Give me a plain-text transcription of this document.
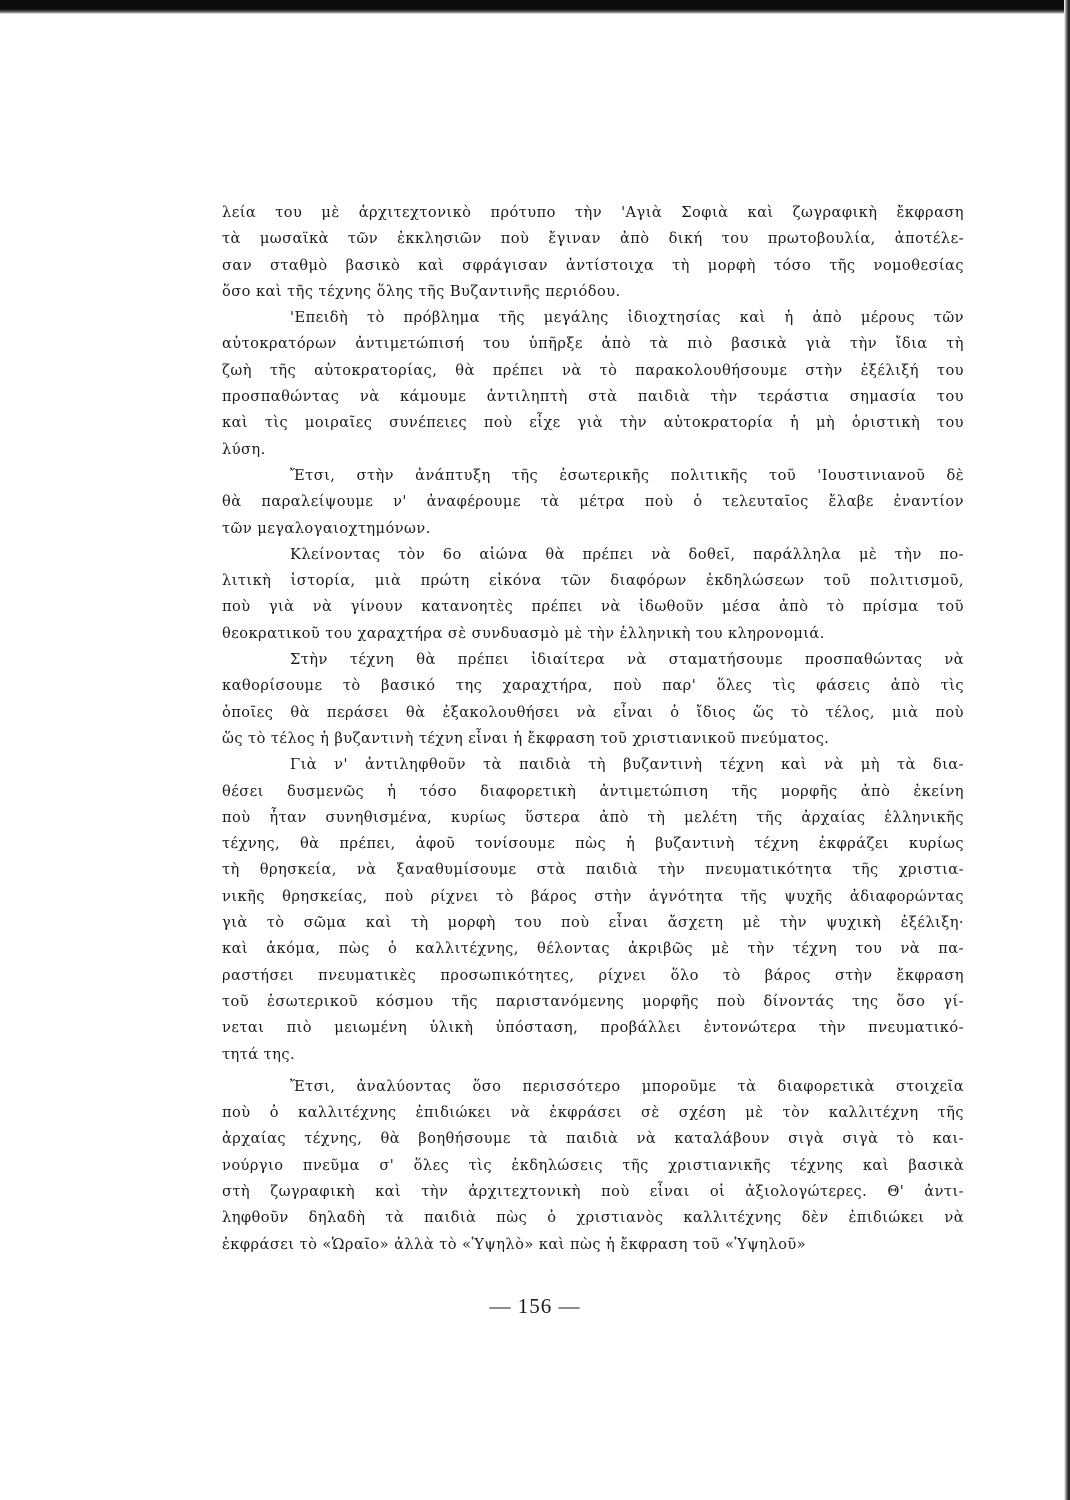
λεία του μὲ ἀρχιτεχτονικὸ πρότυπο τὴν 'Αγιὰ Σοφιὰ καὶ ζωγραφικὴ ἔκφραση
τὰ μωσαϊκὰ τῶν ἐκκλησιῶν ποὺ ἔγιναν ἀπὸ δική του πρωτοβουλία, ἀποτέλε-
σαν σταθμὸ βασικὸ καὶ σφράγισαν ἀντίστοιχα τὴ μορφὴ τόσο τῆς νομοθεσίας
ὅσο καὶ τῆς τέχνης ὅλης τῆς Βυζαντινῆς περιόδου.

'Επειδὴ τὸ πρόβλημα τῆς μεγάλης ἰδιοχτησίας καὶ ἡ ἀπὸ μέρους τῶν
αὐτοκρατόρων ἀντιμετώπισή του ὑπῆρξε ἀπὸ τὰ πιὸ βασικὰ γιὰ τὴν ἴδια τὴ
ζωὴ τῆς αὐτοκρατορίας, θὰ πρέπει νὰ τὸ παρακολουθήσουμε στὴν ἐξέλιξή του
προσπαθώντας νὰ κάμουμε ἀντιληπτὴ στὰ παιδιὰ τὴν τεράστια σημασία του
καὶ τὶς μοιραῖες συνέπειες ποὺ εἶχε γιὰ τὴν αὐτοκρατορία ἡ μὴ ὁριστικὴ του
λύση.

Ἔτσι, στὴν ἀνάπτυξη τῆς ἐσωτερικῆς πολιτικῆς τοῦ 'Ιουστινιανοῦ δὲ
θὰ παραλείψουμε ν' ἀναφέρουμε τὰ μέτρα ποὺ ὁ τελευταῖος ἔλαβε ἐναντίον
τῶν μεγαλογαιοχτημόνων.

Κλείνοντας τὸν 6ο αἰώνα θὰ πρέπει νὰ δοθεῖ, παράλληλα μὲ τὴν πο-
λιτικὴ ἱστορία, μιὰ πρώτη εἰκόνα τῶν διαφόρων ἐκδηλώσεων τοῦ πολιτισμοῦ,
ποὺ γιὰ νὰ γίνουν κατανοητὲς πρέπει νὰ ἰδωθοῦν μέσα ἀπὸ τὸ πρίσμα τοῦ
θεοκρατικοῦ του χαραχτήρα σὲ συνδυασμὸ μὲ τὴν ἑλληνικὴ του κληρονομιά.

Στὴν τέχνη θὰ πρέπει ἰδιαίτερα νὰ σταματήσουμε προσπαθώντας νὰ
καθορίσουμε τὸ βασικό της χαραχτήρα, ποὺ παρ' ὅλες τὶς φάσεις ἀπὸ τὶς
ὁποῖες θὰ περάσει θὰ ἐξακολουθήσει νὰ εἶναι ὁ ἴδιος ὥς τὸ τέλος, μιὰ ποὺ
ὥς τὸ τέλος ἡ βυζαντινὴ τέχνη εἶναι ἡ ἔκφραση τοῦ χριστιανικοῦ πνεύματος.

Γιὰ ν' ἀντιληφθοῦν τὰ παιδιὰ τὴ βυζαντινὴ τέχνη καὶ νὰ μὴ τὰ δια-
θέσει δυσμενῶς ἡ τόσο διαφορετικὴ ἀντιμετώπιση τῆς μορφῆς ἀπὸ ἐκείνη
ποὺ ἦταν συνηθισμένα, κυρίως ὕστερα ἀπὸ τὴ μελέτη τῆς ἀρχαίας ἑλληνικῆς
τέχνης, θὰ πρέπει, ἀφοῦ τονίσουμε πὼς ἡ βυζαντινὴ τέχνη ἐκφράζει κυρίως
τὴ θρησκεία, νὰ ξαναθυμίσουμε στὰ παιδιὰ τὴν πνευματικότητα τῆς χριστια-
νικῆς θρησκείας, ποὺ ρίχνει τὸ βάρος στὴν ἁγνότητα τῆς ψυχῆς ἀδιαφορώντας
γιὰ τὸ σῶμα καὶ τὴ μορφὴ του ποὺ εἶναι ἄσχετη μὲ τὴν ψυχικὴ ἐξέλιξη·
καὶ ἀκόμα, πὼς ὁ καλλιτέχνης, θέλοντας ἀκριβῶς μὲ τὴν τέχνη του νὰ πα-
ραστήσει πνευματικὲς προσωπικότητες, ρίχνει ὅλο τὸ βάρος στὴν ἔκφραση
τοῦ ἐσωτερικοῦ κόσμου τῆς παριστανόμενης μορφῆς ποὺ δίνοντάς της ὅσο γί-
νεται πιὸ μειωμένη ὑλικὴ ὑπόσταση, προβάλλει ἐντονώτερα τὴν πνευματικό-
τητά της.

Ἔτσι, ἀναλύοντας ὅσο περισσότερο μποροῦμε τὰ διαφορετικὰ στοιχεῖα
ποὺ ὁ καλλιτέχνης ἐπιδιώκει νὰ ἐκφράσει σὲ σχέση μὲ τὸν καλλιτέχνη τῆς
ἀρχαίας τέχνης, θὰ βοηθήσουμε τὰ παιδιὰ νὰ καταλάβουν σιγὰ σιγὰ τὸ και-
νούργιο πνεῦμα σ' ὅλες τὶς ἐκδηλώσεις τῆς χριστιανικῆς τέχνης καὶ βασικὰ
στὴ ζωγραφικὴ καὶ τὴν ἀρχιτεχτονικὴ ποὺ εἶναι οἱ ἀξιολογώτερες. Θ' ἀντι-
ληφθοῦν δηλαδὴ τὰ παιδιὰ πὼς ὁ χριστιανὸς καλλιτέχνης δὲν ἐπιδιώκει νὰ
ἐκφράσει τὸ «Ὡραῖο» ἀλλὰ τὸ «Ὑψηλὸ» καὶ πὼς ἡ ἔκφραση τοῦ «Ὑψηλοῦ»

— 156 —
